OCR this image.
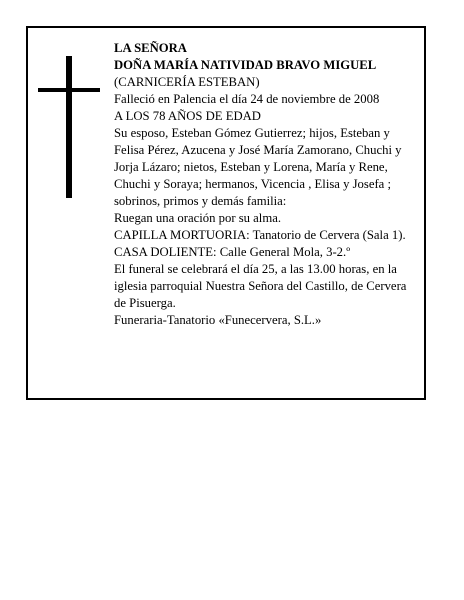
LA SEÑORA
DOÑA MARÍA NATIVIDAD BRAVO MIGUEL
(CARNICERÍA ESTEBAN)
Falleció en Palencia el día 24 de noviembre de 2008
A LOS 78 AÑOS DE EDAD
Su esposo, Esteban Gómez Gutierrez; hijos, Esteban y Felisa Pérez, Azucena y José María Zamorano, Chuchi y Jorja Lázaro; nietos, Esteban y Lorena, María y Rene, Chuchi y Soraya; hermanos, Vicencia , Elisa y Josefa ; sobrinos, primos y demás familia:
Ruegan una oración por su alma.
CAPILLA MORTUORIA: Tanatorio de Cervera (Sala 1).
CASA DOLIENTE: Calle General Mola, 3-2.º
El funeral se celebrará el día 25, a las 13.00 horas, en la iglesia parroquial Nuestra Señora del Castillo, de Cervera de Pisuerga.
Funeraria-Tanatorio «Funecervera, S.L.»
